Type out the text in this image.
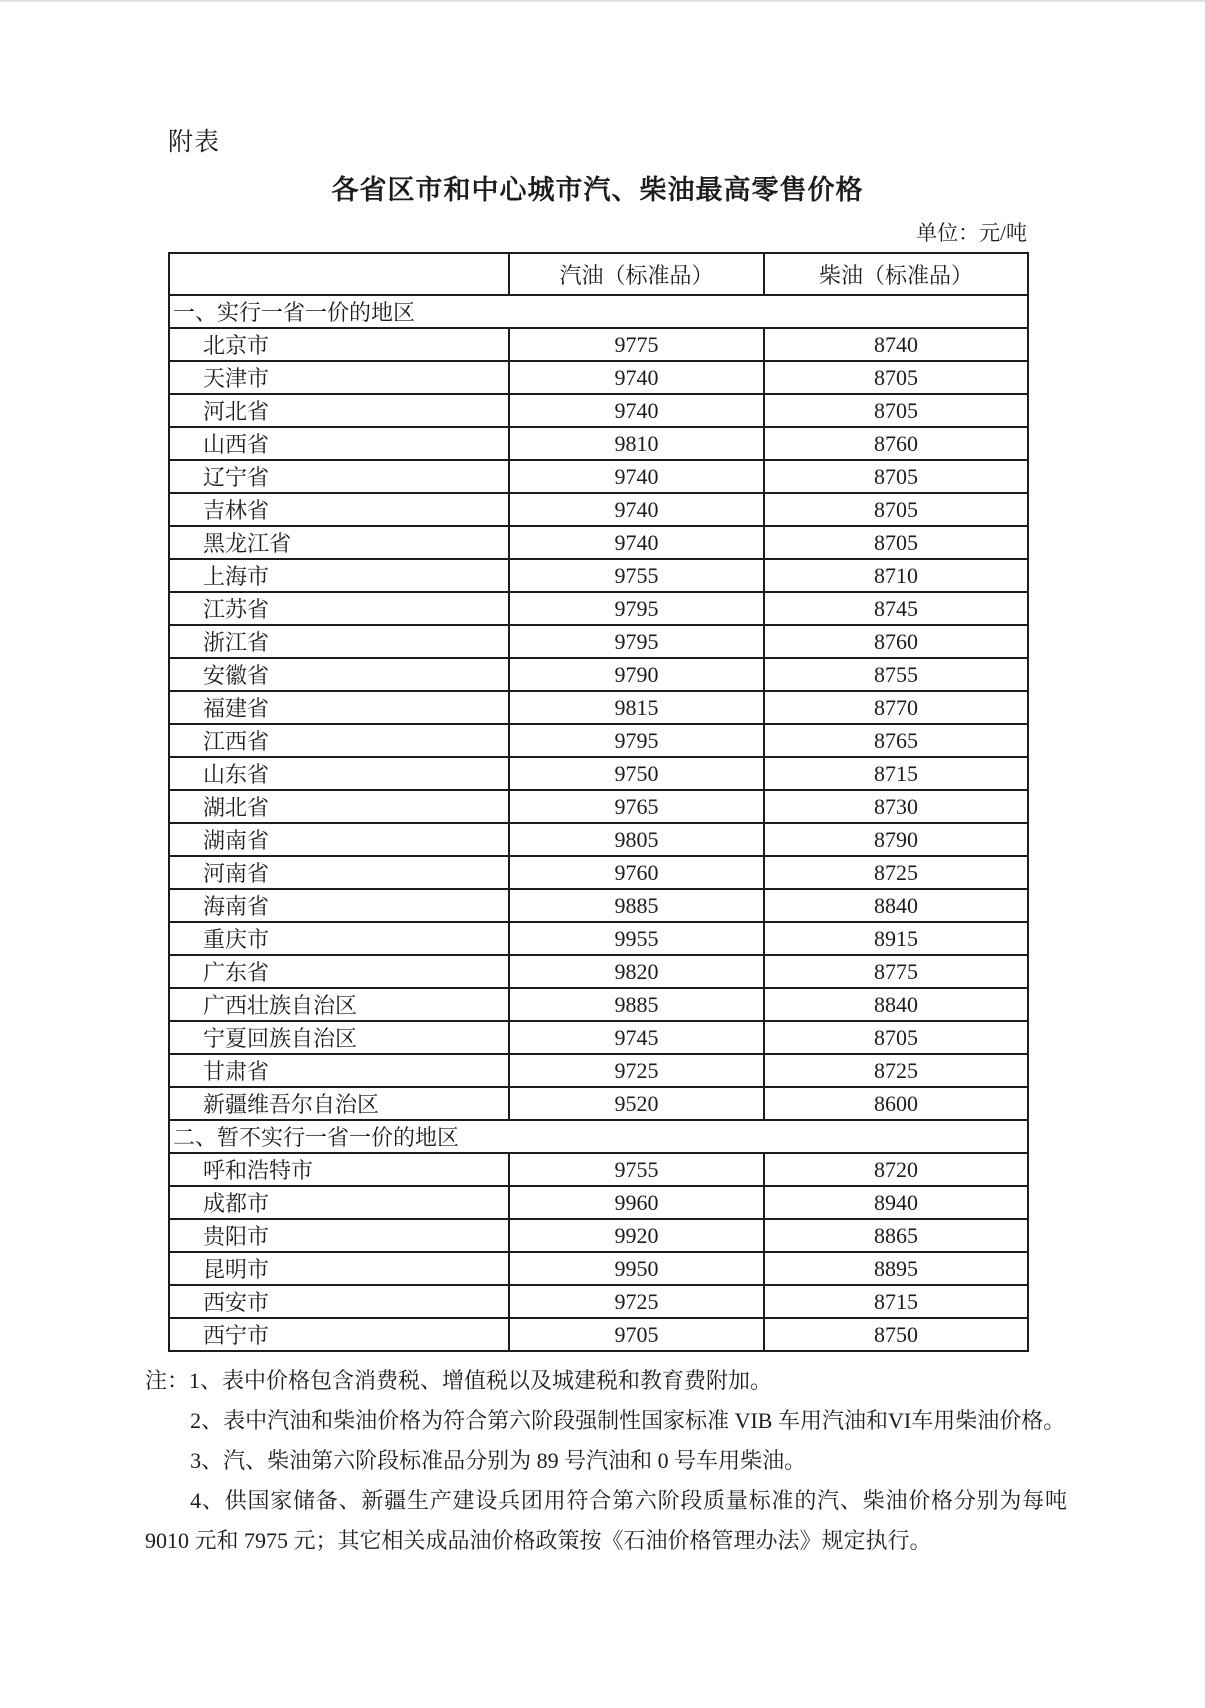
附表
各省区市和中心城市汽、柴油最高零售价格
单位：元/吨
	汽油（标准品）	柴油（标准品）
一、实行一省一价的地区		
北京市	9775	8740
天津市	9740	8705
河北省	9740	8705
山西省	9810	8760
辽宁省	9740	8705
吉林省	9740	8705
黑龙江省	9740	8705
上海市	9755	8710
江苏省	9795	8745
浙江省	9795	8760
安徽省	9790	8755
福建省	9815	8770
江西省	9795	8765
山东省	9750	8715
湖北省	9765	8730
湖南省	9805	8790
河南省	9760	8725
海南省	9885	8840
重庆市	9955	8915
广东省	9820	8775
广西壮族自治区	9885	8840
宁夏回族自治区	9745	8705
甘肃省	9725	8725
新疆维吾尔自治区	9520	8600
二、暂不实行一省一价的地区		
呼和浩特市	9755	8720
成都市	9960	8940
贵阳市	9920	8865
昆明市	9950	8895
西安市	9725	8715
西宁市	9705	8750

注：1、表中价格包含消费税、增值税以及城建税和教育费附加。

2、表中汽油和柴油价格为符合第六阶段强制性国家标准 VIB 车用汽油和VI车用柴油价格。

3、汽、柴油第六阶段标准品分别为 89 号汽油和 0 号车用柴油。

4、供国家储备、新疆生产建设兵团用符合第六阶段质量标准的汽、柴油价格分别为每吨 9010 元和 7975 元；其它相关成品油价格政策按《石油价格管理办法》规定执行。
